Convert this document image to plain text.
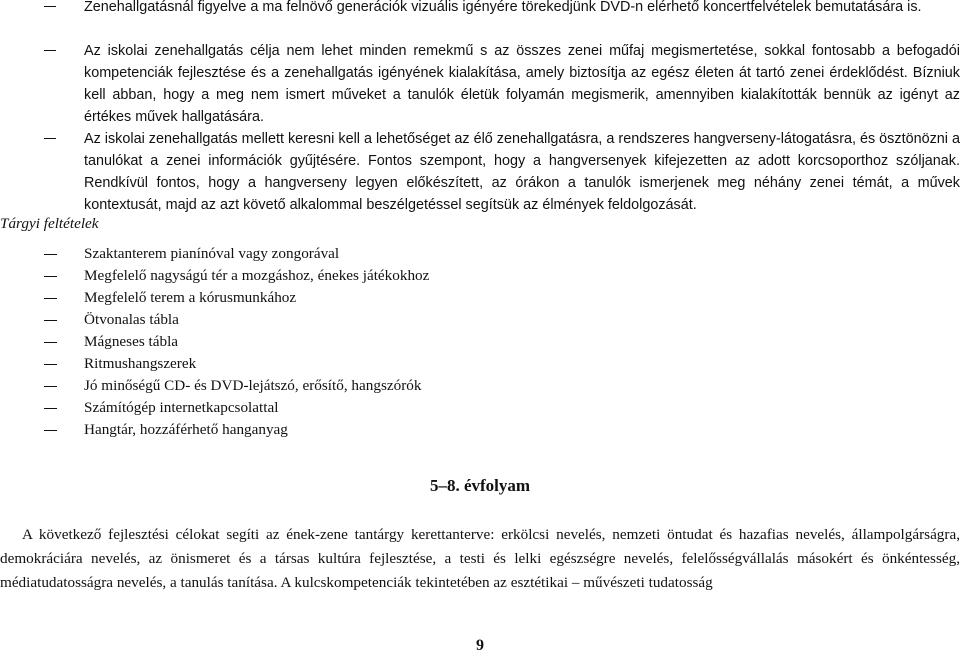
Zenehallgatásnál figyelve a ma felnövő generációk vizuális igényére törekedjünk DVD-n elérhető koncertfelvételek bemutatására is.
Az iskolai zenehallgatás célja nem lehet minden remekmű s az összes zenei műfaj megismertetése, sokkal fontosabb a befogadói kompetenciák fejlesztése és a zenehallgatás igényének kialakítása, amely biztosítja az egész életen át tartó zenei érdeklődést. Bízniuk kell abban, hogy a meg nem ismert műveket a tanulók életük folyamán megismerik, amennyiben kialakították bennük az igényt az értékes művek hallgatására.
Az iskolai zenehallgatás mellett keresni kell a lehetőséget az élő zenehallgatásra, a rendszeres hangverseny-látogatásra, és ösztönözni a tanulókat a zenei információk gyűjtésére. Fontos szempont, hogy a hangversenyek kifejezetten az adott korcsoporthoz szóljanak. Rendkívül fontos, hogy a hangverseny legyen előkészített, az órákon a tanulók ismerjenek meg néhány zenei témát, a művek kontextusát, majd az azt követő alkalommal beszélgetéssel segítsük az élmények feldolgozását.
Tárgyi feltételek
Szaktanterem pianínóval vagy zongorával
Megfelelő nagyságú tér a mozgáshoz, énekes játékokhoz
Megfelelő terem a kórusmunkához
Ötvonalas tábla
Mágneses tábla
Ritmushangszerek
Jó minőségű CD- és DVD-lejátszó, erősítő, hangszórók
Számítógép internetkapcsolattal
Hangtár, hozzáférhető hanganyag
5–8. évfolyam
A következő fejlesztési célokat segíti az ének-zene tantárgy kerettanterve: erkölcsi nevelés, nemzeti öntudat és hazafias nevelés, állampolgárságra, demokráciára nevelés, az önismeret és a társas kultúra fejlesztése, a testi és lelki egészségre nevelés, felelősségvállalás másokért és önkéntesség, médiatudatosságra nevelés, a tanulás tanítása. A kulcskompetenciák tekintetében az esztétikai – művészeti tudatosság
9
